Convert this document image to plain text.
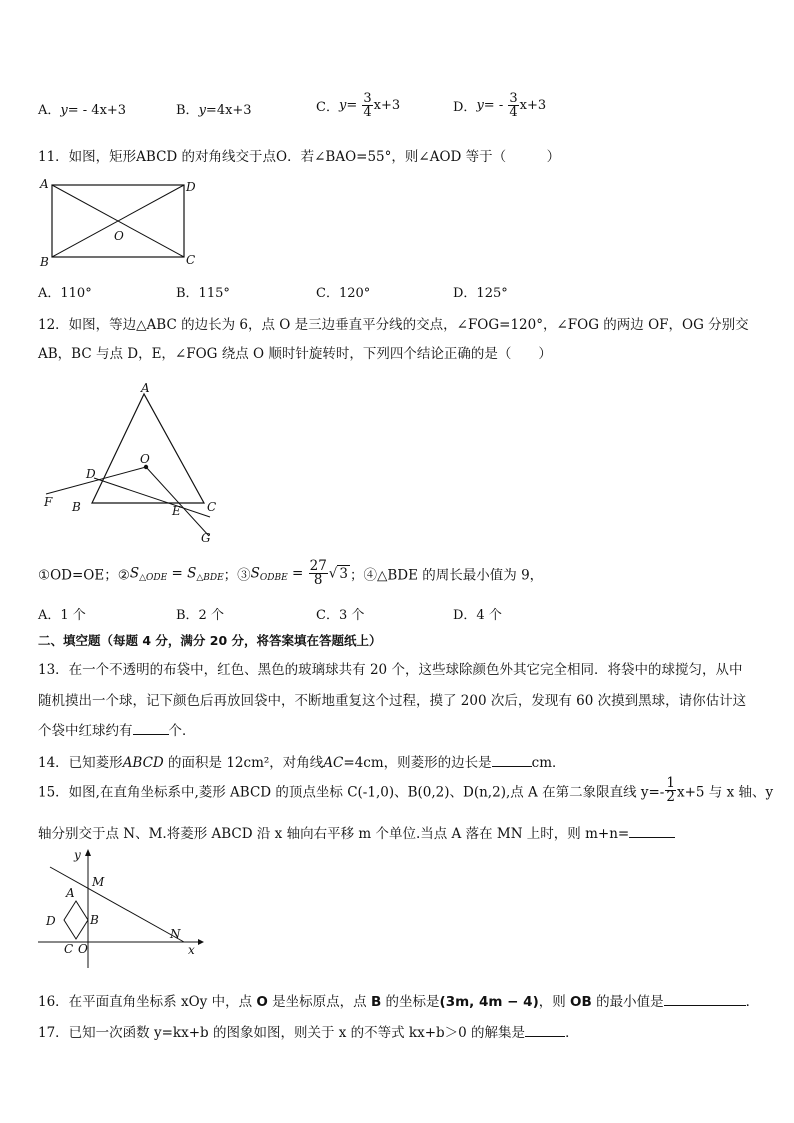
A．y= - 4x+3	B．y=4x+3	C．$y= \frac{3}{4} x+3$	D．$y= - \frac{3}{4} x+3$
11．如图，矩形ABCD 的对角线交于点O．若∠BAO=55°，则∠AOD 等于（　　　）
A	D
B	C
O
A．110°	B．115°	C．120°	D．125°
12．如图，等边△ABC 的边长为 6，点 O 是三边垂直平分线的交点，∠FOG=120°，∠FOG 的两边 OF，OG 分别交
AB，BC 与点 D，E，∠FOG 绕点 O 顺时针旋转时，下列四个结论正确的是（　　）
A
O
D
F B	E C
G
①OD=OE；$②S_{\triangle ODE} = S_{\triangle BDE}$；$③S_{ODBE} = \frac{27}{8}$ √ 3 ；④△BDE 的周长最小值为 9，
A．1 个	B．2 个	C．3 个	D．4 个
二、填空题（每题 4 分，满分 20 分，将答案填在答题纸上）
13．在一个不透明的布袋中，红色、黑色的玻璃球共有 20 个，这些球除颜色外其它完全相同．将袋中的球搅匀，从中
随机摸出一个球，记下颜色后再放回袋中，不断地重复这个过程，摸了 200 次后，发现有 60 次摸到黑球，请你估计这
个袋中红球约有	个．
14．已知菱形ABCD 的面积是 12cm²，对角线AC=4cm，则菱形的边长是	cm．
15．如图,在直角坐标系中,菱形 ABCD 的顶点坐标 C(-1,0)、B(0,2)、D(n,2),点 A 在第二象限直线 $y=- \frac{1}{2} x+5$ 与 x 轴、y
轴分别交于点 N、M.将菱形 ABCD 沿 x 轴向右平移 m 个单位.当点 A 落在 MN 上时，则 m+n=
y
M
A
D	B
C O
N
x
16．在平面直角坐标系 xOy 中，点 O 是坐标原点，点 B 的坐标是(3m, 4m − 4)，则 OB 的最小值是	．
17．已知一次函数 y=kx+b 的图象如图，则关于 x 的不等式 kx+b＞0 的解集是	．
